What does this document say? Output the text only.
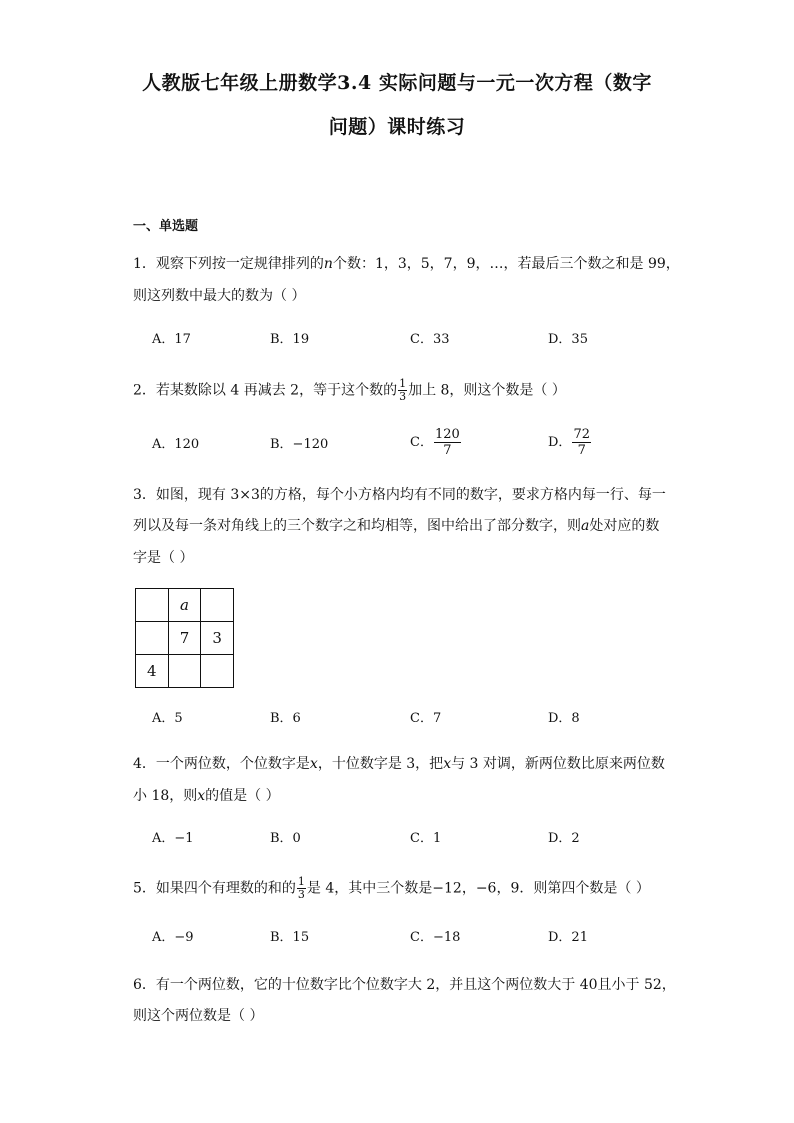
人教版七年级上册数学3.4 实际问题与一元一次方程（数字
问题）课时练习
一、单选题
1．观察下列按一定规律排列的n个数：1，3，5，7，9，…，若最后三个数之和是 99，
则这列数中最大的数为（ ）
A．17	B．19	C．33	D．35
2．若某数除以 4 再减去 2，等于这个数的 $\frac{1}{3}$ 加上 8，则这个数是（ ）
A．120	B．−120	C． $\frac{120}{7}$	D． $\frac{72}{7}$
3．如图，现有 3×3的方格，每个小方格内均有不同的数字，要求方格内每一行、每一
列以及每一条对角线上的三个数字之和均相等，图中给出了部分数字，则a处对应的数
字是（ ）
	a	
	7	3
4		
A．5	B．6	C．7	D．8
4．一个两位数，个位数字是x，十位数字是 3，把x与 3 对调，新两位数比原来两位数
小 18，则x的值是（ ）
A．−1	B．0	C．1	D．2
5．如果四个有理数的和的 $\frac{1}{3}$ 是 4，其中三个数是−12，−6，9．则第四个数是（ ）
A．−9	B．15	C．−18	D．21
6．有一个两位数，它的十位数字比个位数字大 2，并且这个两位数大于 40且小于 52，
则这个两位数是（ ）
